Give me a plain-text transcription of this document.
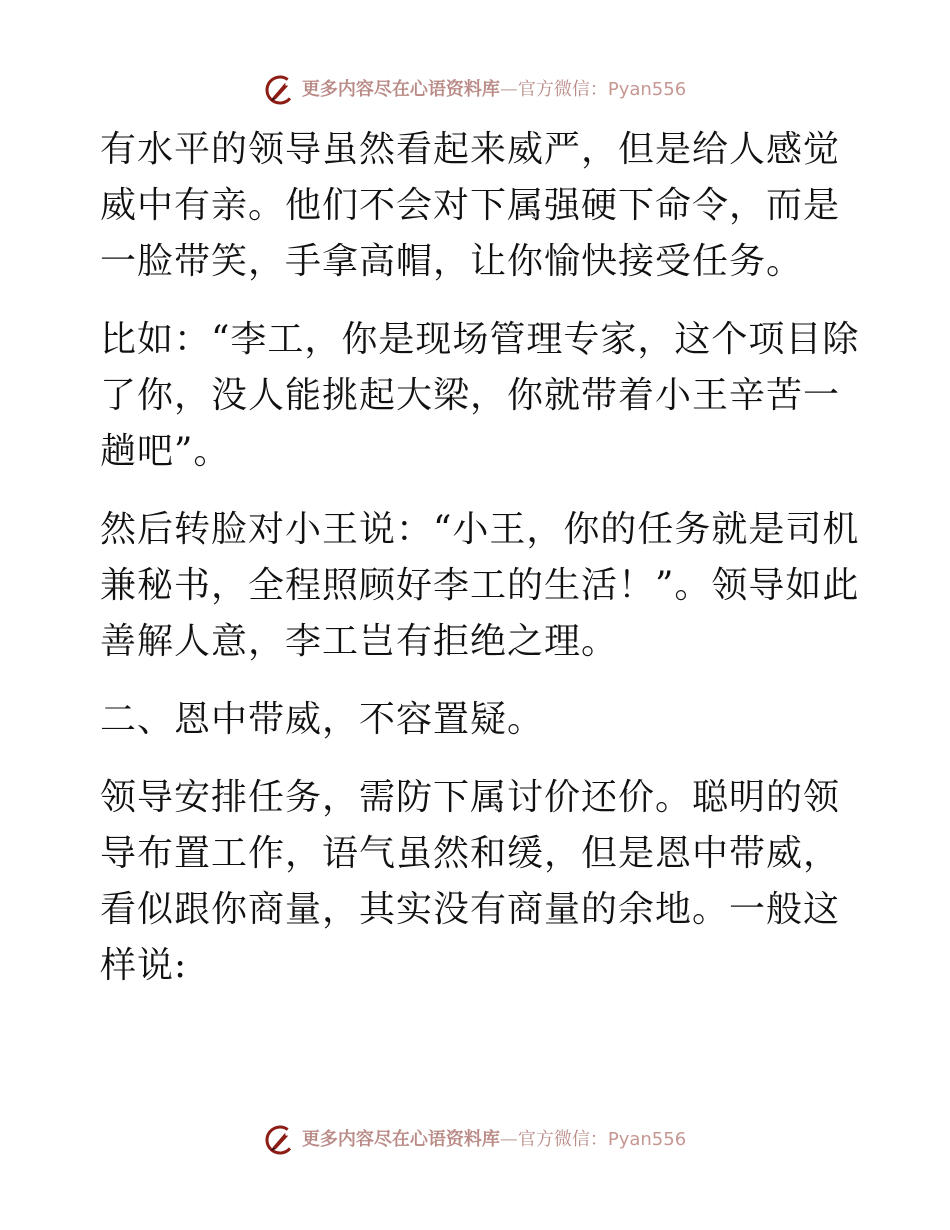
更多内容尽在心语资料库—官方微信：Pyan556

有水平的领导虽然看起来威严，但是给人感觉威中有亲。他们不会对下属强硬下命令，而是一脸带笑，手拿高帽，让你愉快接受任务。

比如：“李工，你是现场管理专家，这个项目除了你，没人能挑起大梁，你就带着小王辛苦一趟吧”。

然后转脸对小王说：“小王，你的任务就是司机兼秘书，全程照顾好李工的生活！”。领导如此善解人意，李工岂有拒绝之理。

二、恩中带威，不容置疑。

领导安排任务，需防下属讨价还价。聪明的领导布置工作，语气虽然和缓，但是恩中带威，看似跟你商量，其实没有商量的余地。一般这样说:

更多内容尽在心语资料库—官方微信：Pyan556
